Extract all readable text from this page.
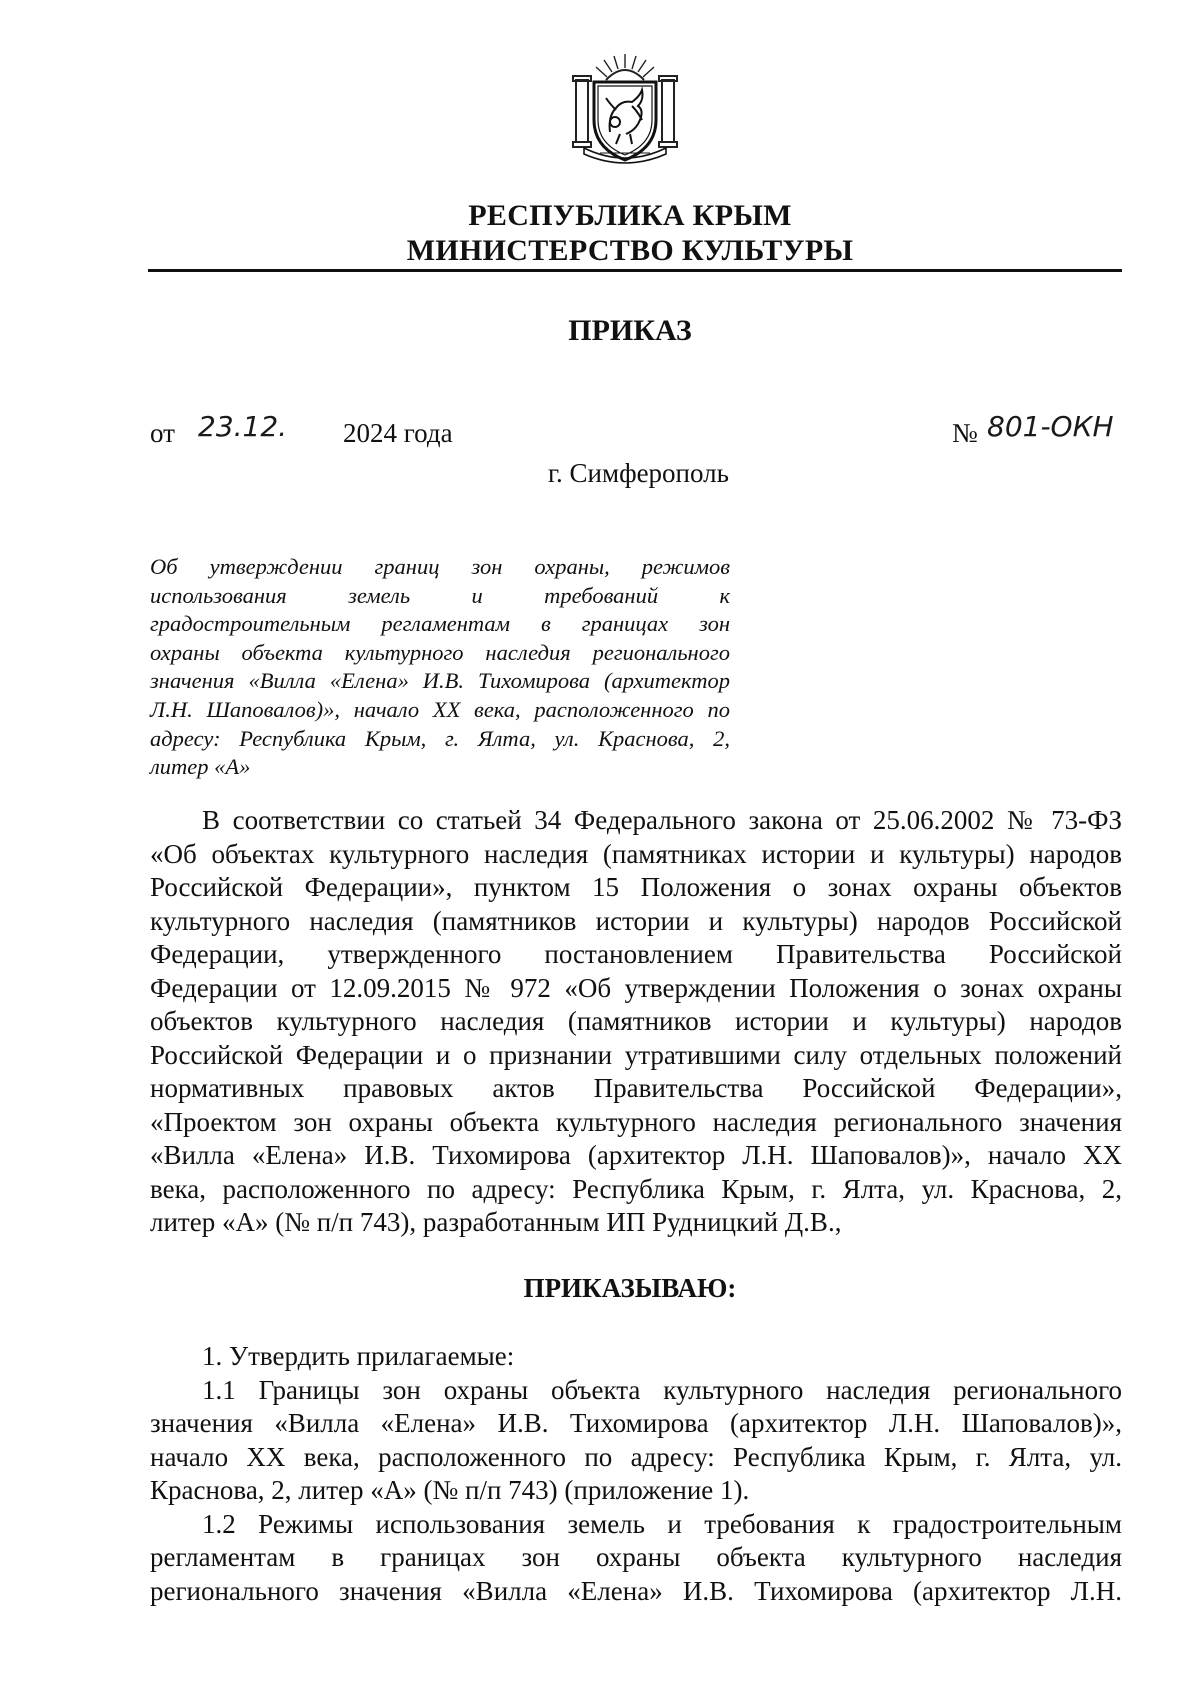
РЕСПУБЛИКА КРЫМ
МИНИСТЕРСТВО КУЛЬТУРЫ
ПРИКАЗ
от 23.12. 2024 года	№ 801-ОКН
г. Симферополь
Об утверждении границ зон охраны, режимов
использования земель и требований к
градостроительным регламентам в границах зон
охраны объекта культурного наследия регионального
значения «Вилла «Елена» И.В. Тихомирова (архитектор
Л.Н. Шаповалов)», начало XX века, расположенного по
адресу: Республика Крым, г. Ялта, ул. Краснова, 2,
литер «А»
В соответствии со статьей 34 Федерального закона от 25.06.2002 № 73-ФЗ
«Об объектах культурного наследия (памятниках истории и культуры) народов
Российской Федерации», пунктом 15 Положения о зонах охраны объектов
культурного наследия (памятников истории и культуры) народов Российской
Федерации, утвержденного постановлением Правительства Российской
Федерации от 12.09.2015 № 972 «Об утверждении Положения о зонах охраны
объектов культурного наследия (памятников истории и культуры) народов
Российской Федерации и о признании утратившими силу отдельных положений
нормативных правовых актов Правительства Российской Федерации»,
«Проектом зон охраны объекта культурного наследия регионального значения
«Вилла «Елена» И.В. Тихомирова (архитектор Л.Н. Шаповалов)», начало XX
века, расположенного по адресу: Республика Крым, г. Ялта, ул. Краснова, 2,
литер «А» (№ п/п 743), разработанным ИП Рудницкий Д.В.,
ПРИКАЗЫВАЮ:
1. Утвердить прилагаемые:
1.1 Границы зон охраны объекта культурного наследия регионального
значения «Вилла «Елена» И.В. Тихомирова (архитектор Л.Н. Шаповалов)»,
начало XX века, расположенного по адресу: Республика Крым, г. Ялта, ул.
Краснова, 2, литер «А» (№ п/п 743) (приложение 1).
1.2 Режимы использования земель и требования к градостроительным
регламентам в границах зон охраны объекта культурного наследия
регионального значения «Вилла «Елена» И.В. Тихомирова (архитектор Л.Н.
